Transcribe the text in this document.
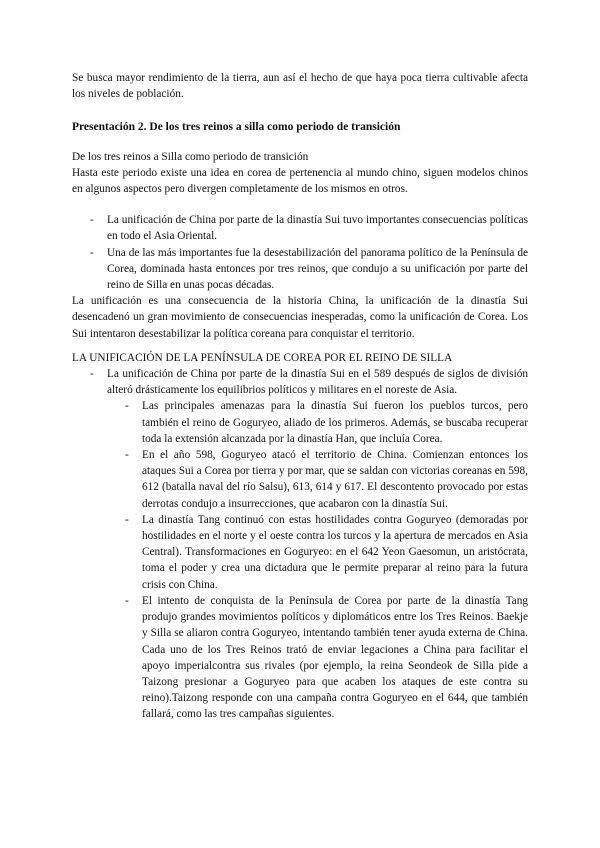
Se busca mayor rendimiento de la tierra, aun así el hecho de que haya poca tierra cultivable afecta los niveles de población.

Presentación 2. De los tres reinos a silla como periodo de transición

De los tres reinos a Silla como periodo de transición

Hasta este periodo existe una idea en corea de pertenencia al mundo chino, siguen modelos chinos en algunos aspectos pero divergen completamente de los mismos en otros.

- La unificación de China por parte de la dinastía Sui tuvo importantes consecuencias políticas en todo el Asia Oriental.
- Una de las más importantes fue la desestabilización del panorama político de la Península de Corea, dominada hasta entonces por tres reinos, que condujo a su unificación por parte del reino de Silla en unas pocas décadas.

La unificación es una consecuencia de la historia China, la unificación de la dinastía Sui desencadenó un gran movimiento de consecuencias inesperadas, como la unificación de Corea. Los Sui intentaron desestabilizar la política coreana para conquistar el territorio.

LA UNIFICACIÓN DE LA PENÍNSULA DE COREA POR EL REINO DE SILLA

- La unificación de China por parte de la dinastía Sui en el 589 después de siglos de división alteró drásticamente los equilibrios políticos y militares en el noreste de Asia.
- Las principales amenazas para la dinastía Sui fueron los pueblos turcos, pero también el reino de Goguryeo, aliado de los primeros. Además, se buscaba recuperar toda la extensión alcanzada por la dinastía Han, que incluía Corea.
- En el año 598, Goguryeo atacó el territorio de China. Comienzan entonces los ataques Sui a Corea por tierra y por mar, que se saldan con victorias coreanas en 598, 612 (batalla naval del río Salsu), 613, 614 y 617. El descontento provocado por estas derrotas condujo a insurrecciones, que acabaron con la dinastía Sui.
- La dinastía Tang continuó con estas hostilidades contra Goguryeo (demoradas por hostilidades en el norte y el oeste contra los turcos y la apertura de mercados en Asia Central). Transformaciones en Goguryeo: en el 642 Yeon Gaesomun, un aristócrata, toma el poder y crea una dictadura que le permite preparar al reino para la futura crisis con China.
- El intento de conquista de la Península de Corea por parte de la dinastía Tang produjo grandes movimientos políticos y diplomáticos entre los Tres Reinos. Baekje y Silla se aliaron contra Goguryeo, intentando también tener ayuda externa de China. Cada uno de los Tres Reinos trató de enviar legaciones a China para facilitar el apoyo imperialcontra sus rivales (por ejemplo, la reina Seondeok de Silla pide a Taizong presionar a Goguryeo para que acaben los ataques de este contra su reino).Taizong responde con una campaña contra Goguryeo en el 644, que también fallará, como las tres campañas siguientes.
